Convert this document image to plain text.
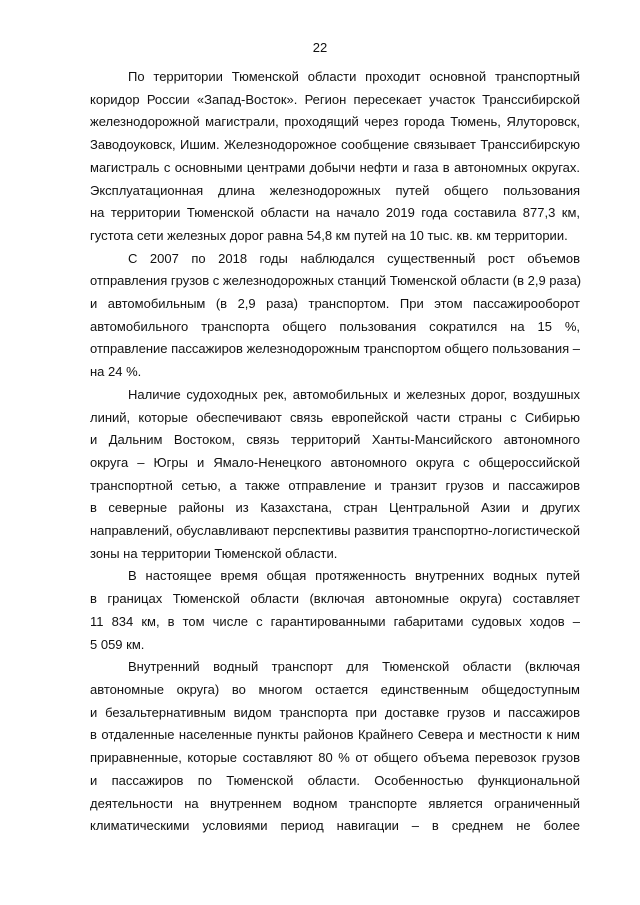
22

По территории Тюменской области проходит основной транспортный
коридор России «Запад-Восток». Регион пересекает участок Транссибирской
железнодорожной магистрали, проходящий через города Тюмень, Ялуторовск,
Заводоуковск, Ишим. Железнодорожное сообщение связывает Транссибирскую
магистраль с основными центрами добычи нефти и газа в автономных округах.
Эксплуатационная длина железнодорожных путей общего пользования
на территории Тюменской области на начало 2019 года составила 877,3 км,
густота сети железных дорог равна 54,8 км путей на 10 тыс. кв. км территории.

С 2007 по 2018 годы наблюдался существенный рост объемов
отправления грузов с железнодорожных станций Тюменской области (в 2,9 раза)
и автомобильным (в 2,9 раза) транспортом. При этом пассажирооборот
автомобильного транспорта общего пользования сократился на 15 %,
отправление пассажиров железнодорожным транспортом общего пользования –
на 24 %.

Наличие судоходных рек, автомобильных и железных дорог, воздушных
линий, которые обеспечивают связь европейской части страны с Сибирью
и Дальним Востоком, связь территорий Ханты-Мансийского автономного
округа – Югры и Ямало-Ненецкого автономного округа с общероссийской
транспортной сетью, а также отправление и транзит грузов и пассажиров
в северные районы из Казахстана, стран Центральной Азии и других
направлений, обуславливают перспективы развития транспортно-логистической
зоны на территории Тюменской области.

В настоящее время общая протяженность внутренних водных путей
в границах Тюменской области (включая автономные округа) составляет
11 834 км, в том числе с гарантированными габаритами судовых ходов –
5 059 км.

Внутренний водный транспорт для Тюменской области (включая
автономные округа) во многом остается единственным общедоступным
и безальтернативным видом транспорта при доставке грузов и пассажиров
в отдаленные населенные пункты районов Крайнего Севера и местности к ним
приравненные, которые составляют 80 % от общего объема перевозок грузов
и пассажиров по Тюменской области. Особенностью функциональной
деятельности на внутреннем водном транспорте является ограниченный
климатическими условиями период навигации – в среднем не более
